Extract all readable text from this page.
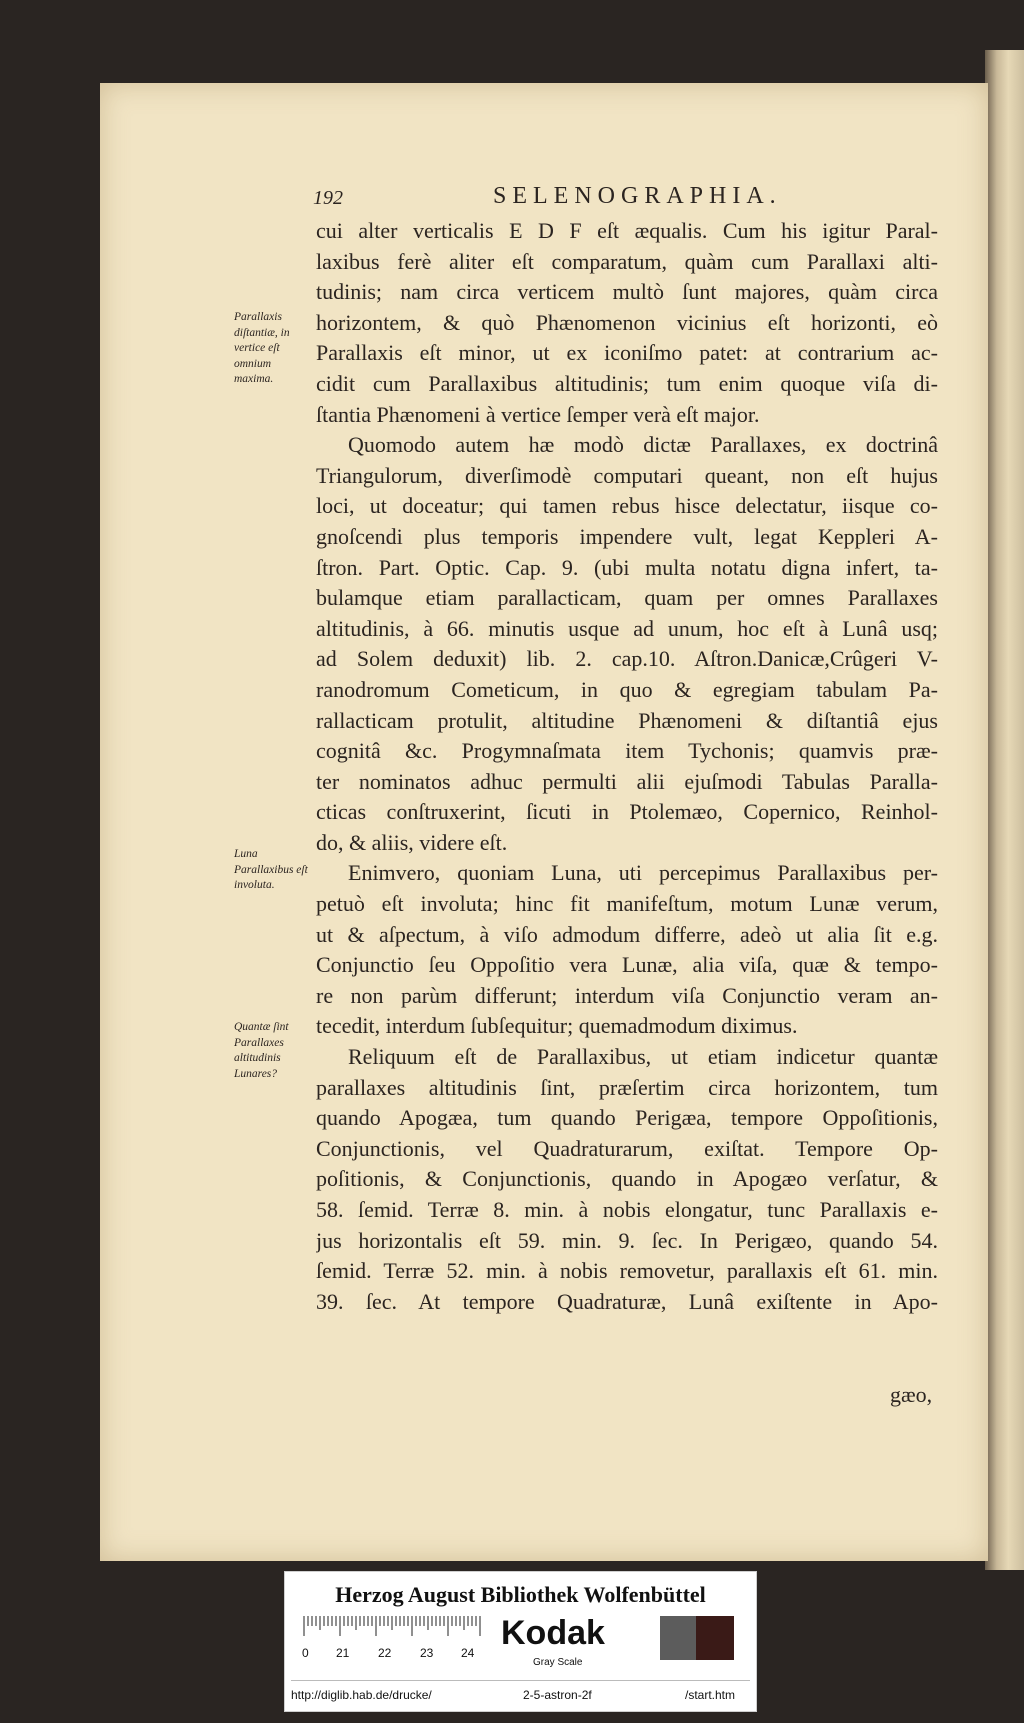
192	SELENOGRAPHIA.
cui alter verticalis E D F eſt æqualis. Cum his igitur Paral-
laxibus ferè aliter eſt comparatum, quàm cum Parallaxi alti-
tudinis; nam circa verticem multò ſunt majores, quàm circa
horizontem, & quò Phænomenon vicinius eſt horizonti, eò
Parallaxis eſt minor, ut ex iconiſmo patet: at contrarium ac-
cidit cum Parallaxibus altitudinis; tum enim quoque viſa di-
ſtantia Phænomeni à vertice ſemper verà eſt major.
Quomodo autem hæ modò dictæ Parallaxes, ex doctrinâ
Triangulorum, diverſimodè computari queant, non eſt hujus
loci, ut doceatur; qui tamen rebus hisce delectatur, iisque co-
gnoſcendi plus temporis impendere vult, legat Keppleri A-
ſtron. Part. Optic. Cap. 9. (ubi multa notatu digna infert, ta-
bulamque etiam parallacticam, quam per omnes Parallaxes
altitudinis, à 66. minutis usque ad unum, hoc eſt à Lunâ usq;
ad Solem deduxit) lib. 2. cap.10. Aſtron.Danicæ,Crûgeri V-
ranodromum Cometicum, in quo & egregiam tabulam Pa-
rallacticam protulit, altitudine Phænomeni & diſtantiâ ejus
cognitâ &c. Progymnaſmata item Tychonis; quamvis præ-
ter nominatos adhuc permulti alii ejuſmodi Tabulas Paralla-
cticas conſtruxerint, ſicuti in Ptolemæo, Copernico, Reinhol-
do, & aliis, videre eſt.
Enimvero, quoniam Luna, uti percepimus Parallaxibus per-
petuò eſt involuta; hinc fit manifeſtum, motum Lunæ verum,
ut & aſpectum, à viſo admodum differre, adeò ut alia ſit e.g.
Conjunctio ſeu Oppoſitio vera Lunæ, alia viſa, quæ & tempo-
re non parùm differunt; interdum viſa Conjunctio veram an-
tecedit, interdum ſubſequitur; quemadmodum diximus.
Reliquum eſt de Parallaxibus, ut etiam indicetur quantæ
parallaxes altitudinis ſint, præſertim circa horizontem, tum
quando Apogæa, tum quando Perigæa, tempore Oppoſitionis,
Conjunctionis, vel Quadraturarum, exiſtat. Tempore Op-
poſitionis, & Conjunctionis, quando in Apogæo verſatur, &
58. ſemid. Terræ 8. min. à nobis elongatur, tunc Parallaxis e-
jus horizontalis eſt 59. min. 9. ſec. In Perigæo, quando 54.
ſemid. Terræ 52. min. à nobis removetur, parallaxis eſt 61. min.
39. ſec. At tempore Quadraturæ, Lunâ exiſtente in Apo-
Parallaxis diſtantiæ, in vertice eſt omnium maxima.
Luna Parallaxibus eſt involuta.
Quantæ ſint Parallaxes altitudinis Lunares?
gæo,
Herzog August Bibliothek Wolfenbüttel
0 21 22 23 24
Kodak
Gray Scale
http://diglib.hab.de/drucke/	2-5-astron-2f	/start.htm
